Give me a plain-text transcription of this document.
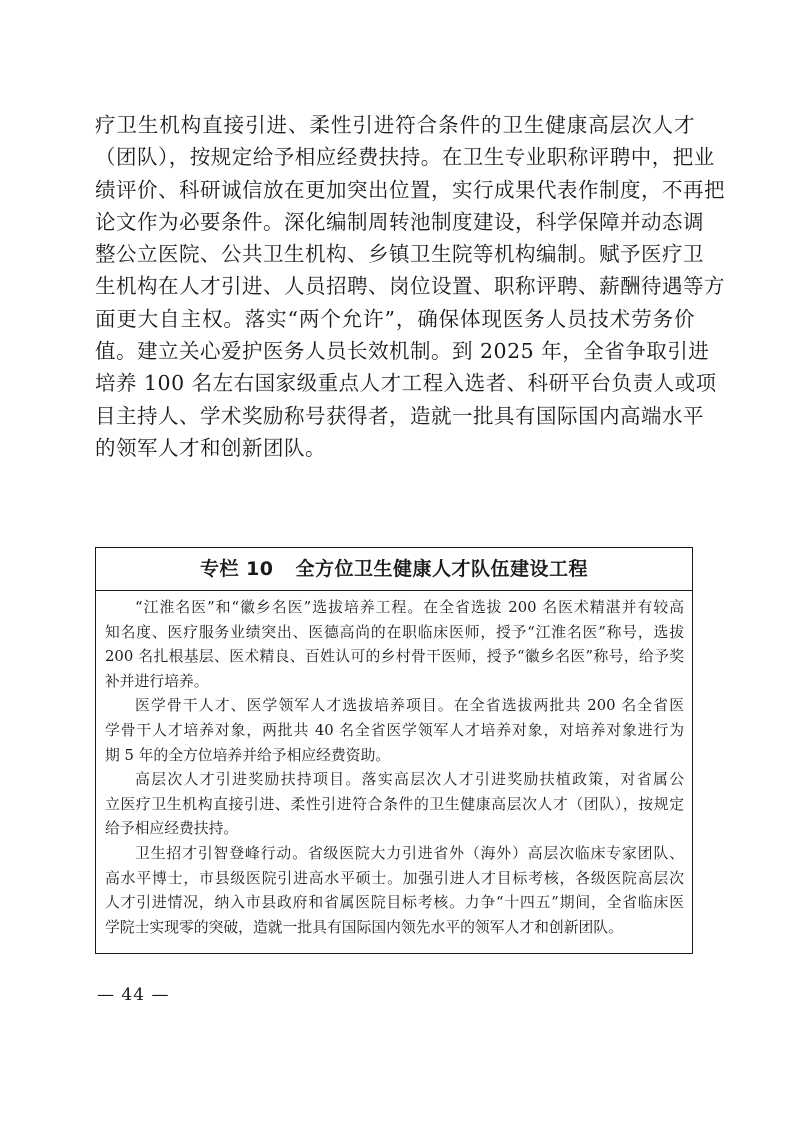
疗卫生机构直接引进、柔性引进符合条件的卫生健康高层次人才
（团队），按规定给予相应经费扶持。在卫生专业职称评聘中，把业
绩评价、科研诚信放在更加突出位置，实行成果代表作制度，不再把
论文作为必要条件。深化编制周转池制度建设，科学保障并动态调
整公立医院、公共卫生机构、乡镇卫生院等机构编制。赋予医疗卫
生机构在人才引进、人员招聘、岗位设置、职称评聘、薪酬待遇等方
面更大自主权。落实“两个允许”，确保体现医务人员技术劳务价
值。建立关心爱护医务人员长效机制。到 2025 年，全省争取引进
培养 100 名左右国家级重点人才工程入选者、科研平台负责人或项
目主持人、学术奖励称号获得者，造就一批具有国际国内高端水平
的领军人才和创新团队。
专栏 10 全方位卫生健康人才队伍建设工程
“江淮名医”和“徽乡名医”选拔培养工程。在全省选拔 200 名医术精湛并有较高
知名度、医疗服务业绩突出、医德高尚的在职临床医师，授予“江淮名医”称号，选拔
200 名扎根基层、医术精良、百姓认可的乡村骨干医师，授予“徽乡名医”称号，给予奖
补并进行培养。
医学骨干人才、医学领军人才选拔培养项目。在全省选拔两批共 200 名全省医
学骨干人才培养对象，两批共 40 名全省医学领军人才培养对象，对培养对象进行为
期 5 年的全方位培养并给予相应经费资助。
高层次人才引进奖励扶持项目。落实高层次人才引进奖励扶植政策，对省属公
立医疗卫生机构直接引进、柔性引进符合条件的卫生健康高层次人才（团队），按规定
给予相应经费扶持。
卫生招才引智登峰行动。省级医院大力引进省外（海外）高层次临床专家团队、
高水平博士，市县级医院引进高水平硕士。加强引进人才目标考核，各级医院高层次
人才引进情况，纳入市县政府和省属医院目标考核。力争“十四五”期间，全省临床医
学院士实现零的突破，造就一批具有国际国内领先水平的领军人才和创新团队。
— 44 —
